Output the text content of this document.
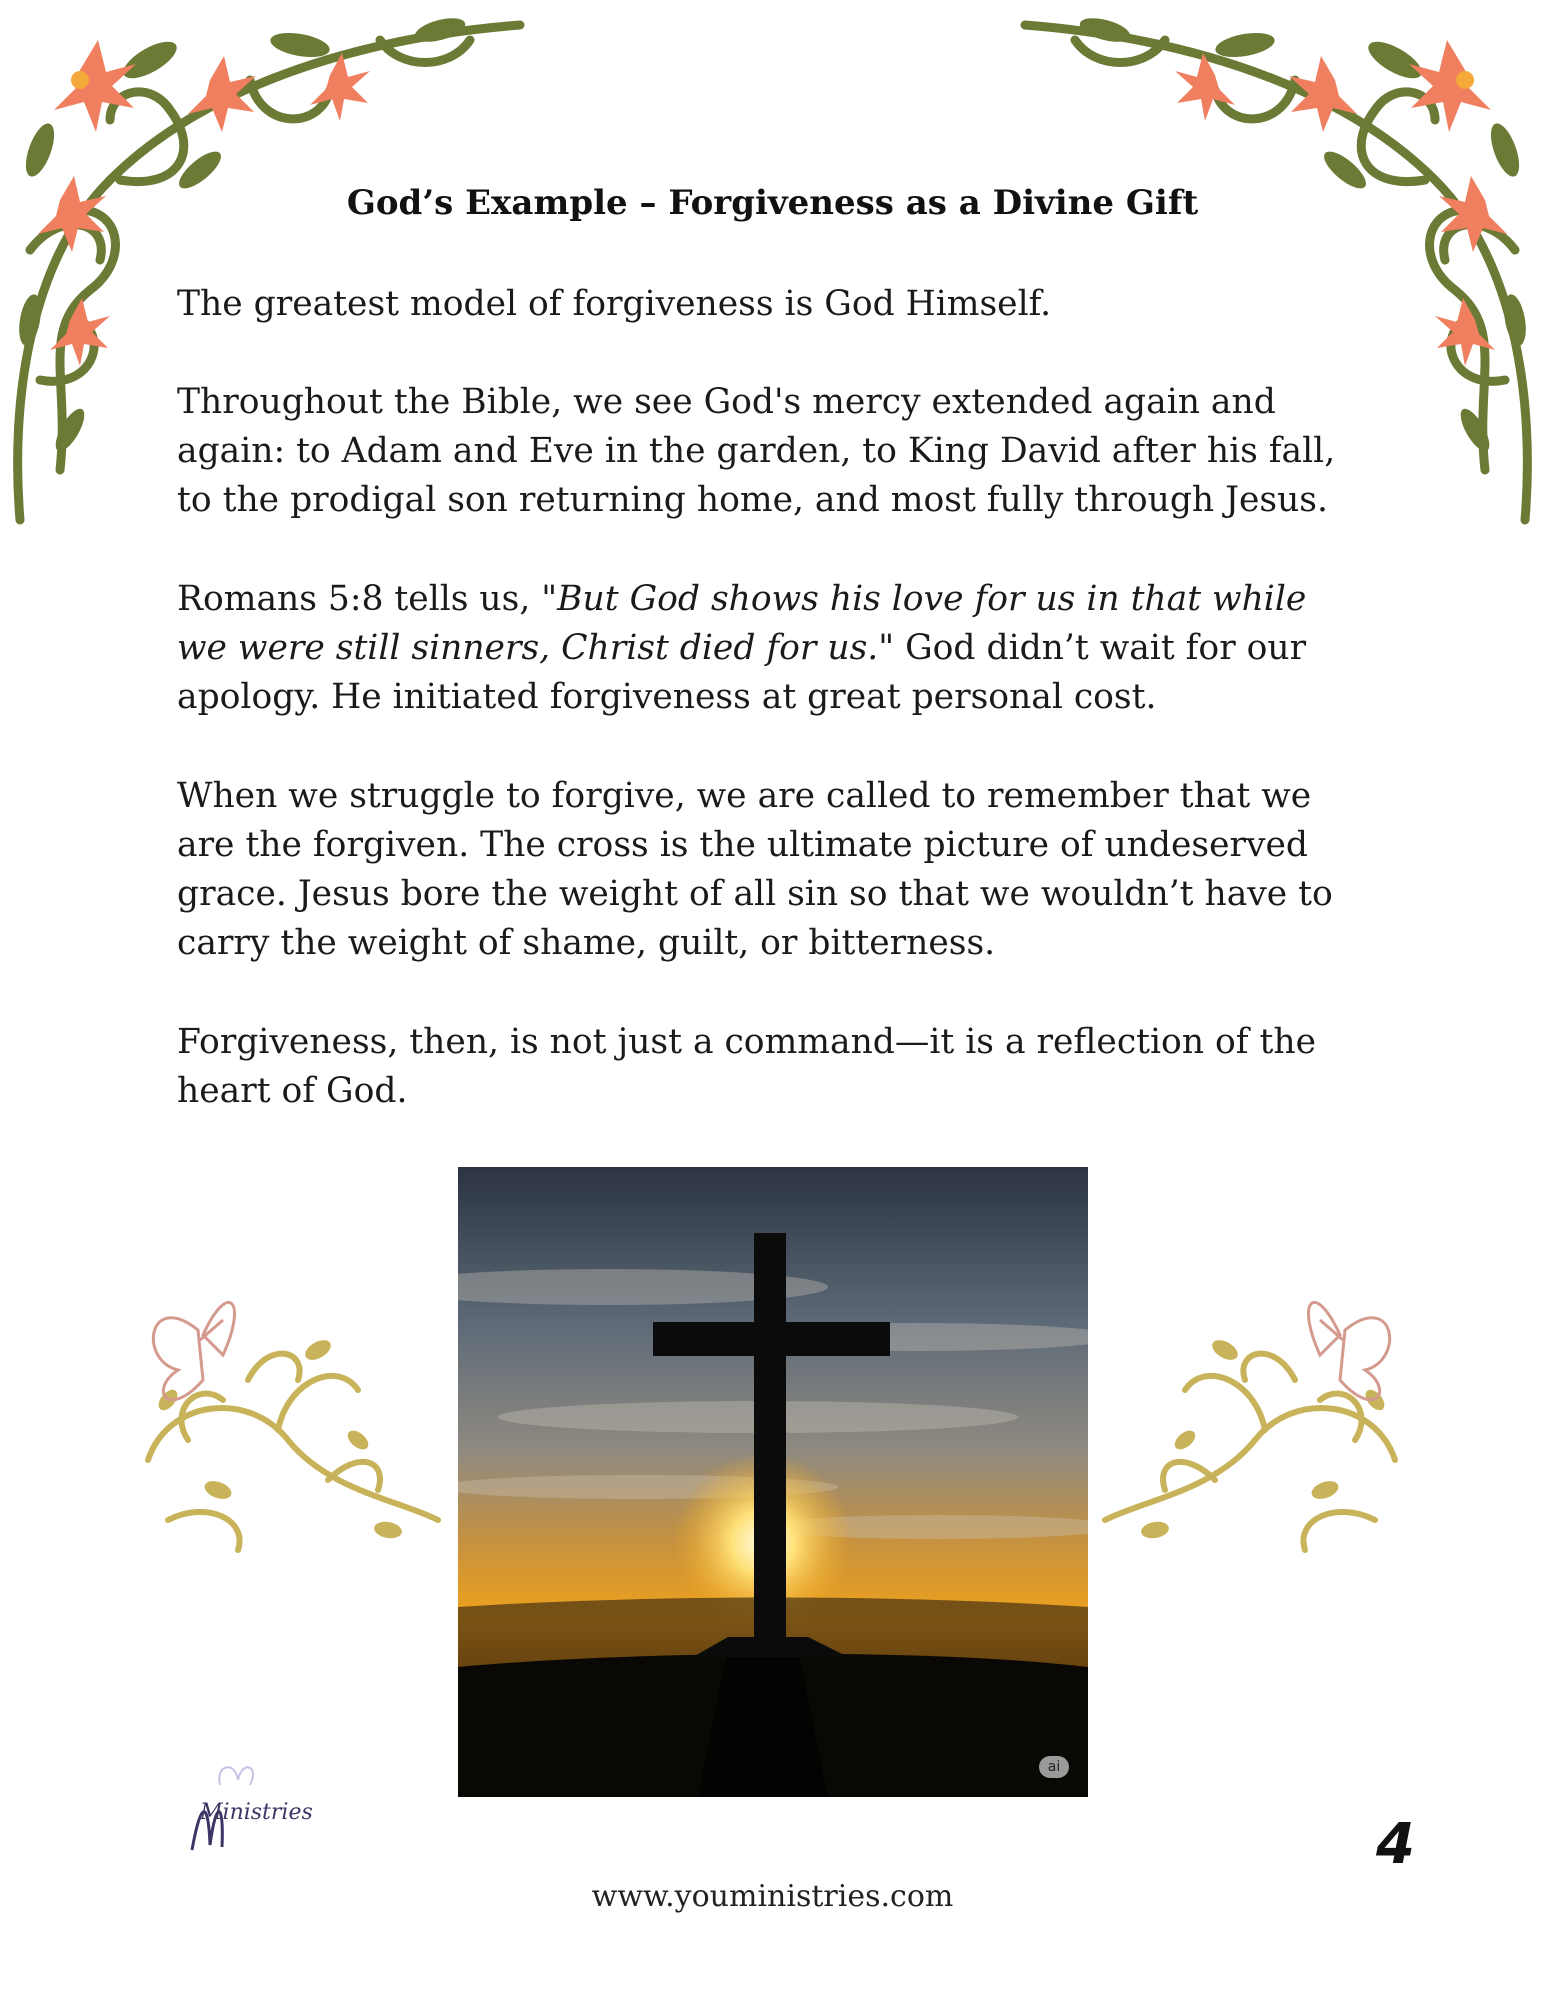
God’s Example – Forgiveness as a Divine Gift

The greatest model of forgiveness is God Himself.

Throughout the Bible, we see God's mercy extended again and again: to Adam and Eve in the garden, to King David after his fall, to the prodigal son returning home, and most fully through Jesus.

Romans 5:8 tells us, "But God shows his love for us in that while we were still sinners, Christ died for us." God didn’t wait for our apology. He initiated forgiveness at great personal cost.

When we struggle to forgive, we are called to remember that we are the forgiven. The cross is the ultimate picture of undeserved grace. Jesus bore the weight of all sin so that we wouldn’t have to carry the weight of shame, guilt, or bitterness.

Forgiveness, then, is not just a command—it is a reflection of the heart of God.

ai
Ministries	4

www.youministries.com
